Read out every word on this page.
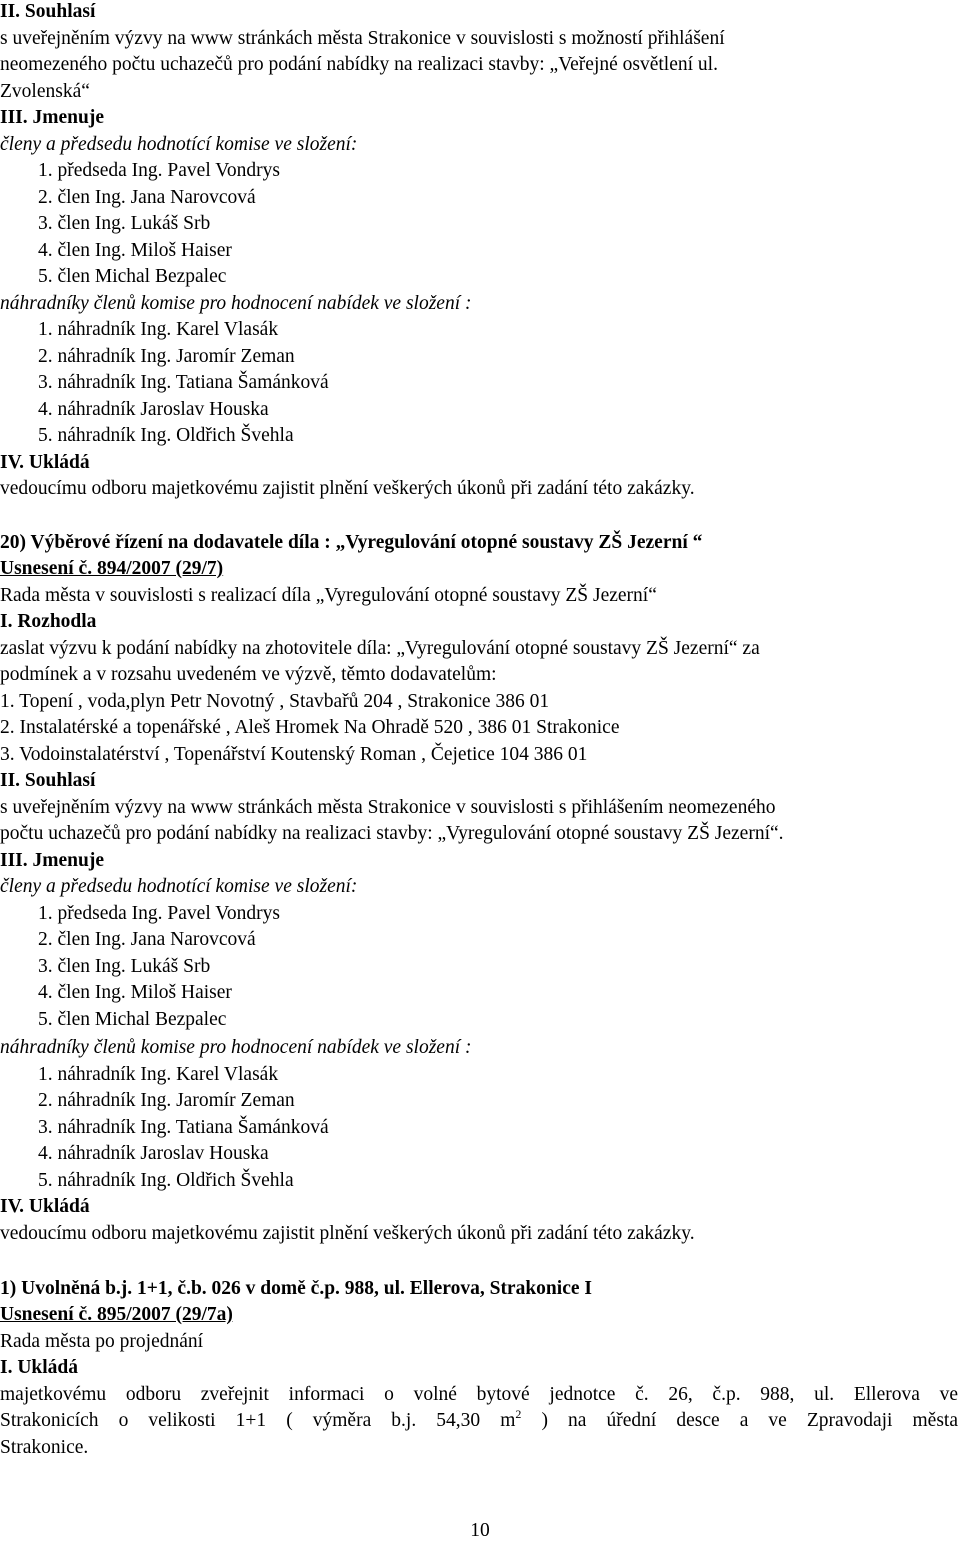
II. Souhlasí
s uveřejněním výzvy na www stránkách města Strakonice v souvislosti s možností přihlášení
neomezeného počtu uchazečů pro podání nabídky na realizaci stavby: „Veřejné osvětlení ul.
Zvolenská“
III. Jmenuje
členy a předsedu hodnotící komise ve složení:
1. předseda Ing. Pavel Vondrys
2. člen Ing. Jana Narovcová
3. člen Ing. Lukáš Srb
4. člen Ing. Miloš Haiser
5. člen Michal Bezpalec
náhradníky členů komise pro hodnocení nabídek ve složení :
1. náhradník Ing. Karel Vlasák
2. náhradník Ing. Jaromír Zeman
3. náhradník Ing. Tatiana Šamánková
4. náhradník Jaroslav Houska
5. náhradník Ing. Oldřich Švehla
IV. Ukládá
vedoucímu odboru majetkovému zajistit plnění veškerých úkonů při zadání této zakázky.
20) Výběrové řízení na dodavatele díla : „Vyregulování otopné soustavy ZŠ Jezerní “
Usnesení č. 894/2007 (29/7)
Rada města v souvislosti s realizací díla „Vyregulování otopné soustavy ZŠ Jezerní“
I. Rozhodla
zaslat výzvu k podání nabídky na zhotovitele díla: „Vyregulování otopné soustavy ZŠ Jezerní“ za
podmínek a v rozsahu uvedeném ve výzvě, těmto dodavatelům:
1. Topení , voda,plyn Petr Novotný , Stavbařů 204 , Strakonice 386 01
2. Instalatérské a topenářské , Aleš Hromek Na Ohradě 520 , 386 01 Strakonice
3. Vodoinstalatérství , Topenářství Koutenský Roman , Čejetice 104 386 01
II. Souhlasí
s uveřejněním výzvy na www stránkách města Strakonice v souvislosti s přihlášením neomezeného
počtu uchazečů pro podání nabídky na realizaci stavby: „Vyregulování otopné soustavy ZŠ Jezerní“.
III. Jmenuje
členy a předsedu hodnotící komise ve složení:
1. předseda Ing. Pavel Vondrys
2. člen Ing. Jana Narovcová
3. člen Ing. Lukáš Srb
4. člen Ing. Miloš Haiser
5. člen Michal Bezpalec
náhradníky členů komise pro hodnocení nabídek ve složení :
1. náhradník Ing. Karel Vlasák
2. náhradník Ing. Jaromír Zeman
3. náhradník Ing. Tatiana Šamánková
4. náhradník Jaroslav Houska
5. náhradník Ing. Oldřich Švehla
IV. Ukládá
vedoucímu odboru majetkovému zajistit plnění veškerých úkonů při zadání této zakázky.
1) Uvolněná b.j. 1+1, č.b. 026 v domě č.p. 988, ul. Ellerova, Strakonice I
Usnesení č. 895/2007 (29/7a)
Rada města po projednání
I. Ukládá
majetkovému odboru zveřejnit informaci o volné bytové jednotce č. 26, č.p. 988, ul. Ellerova ve
Strakonicích o velikosti 1+1 ( výměra b.j. 54,30 $m^2$ ) na úřední desce a ve Zpravodaji města
Strakonice.
10
